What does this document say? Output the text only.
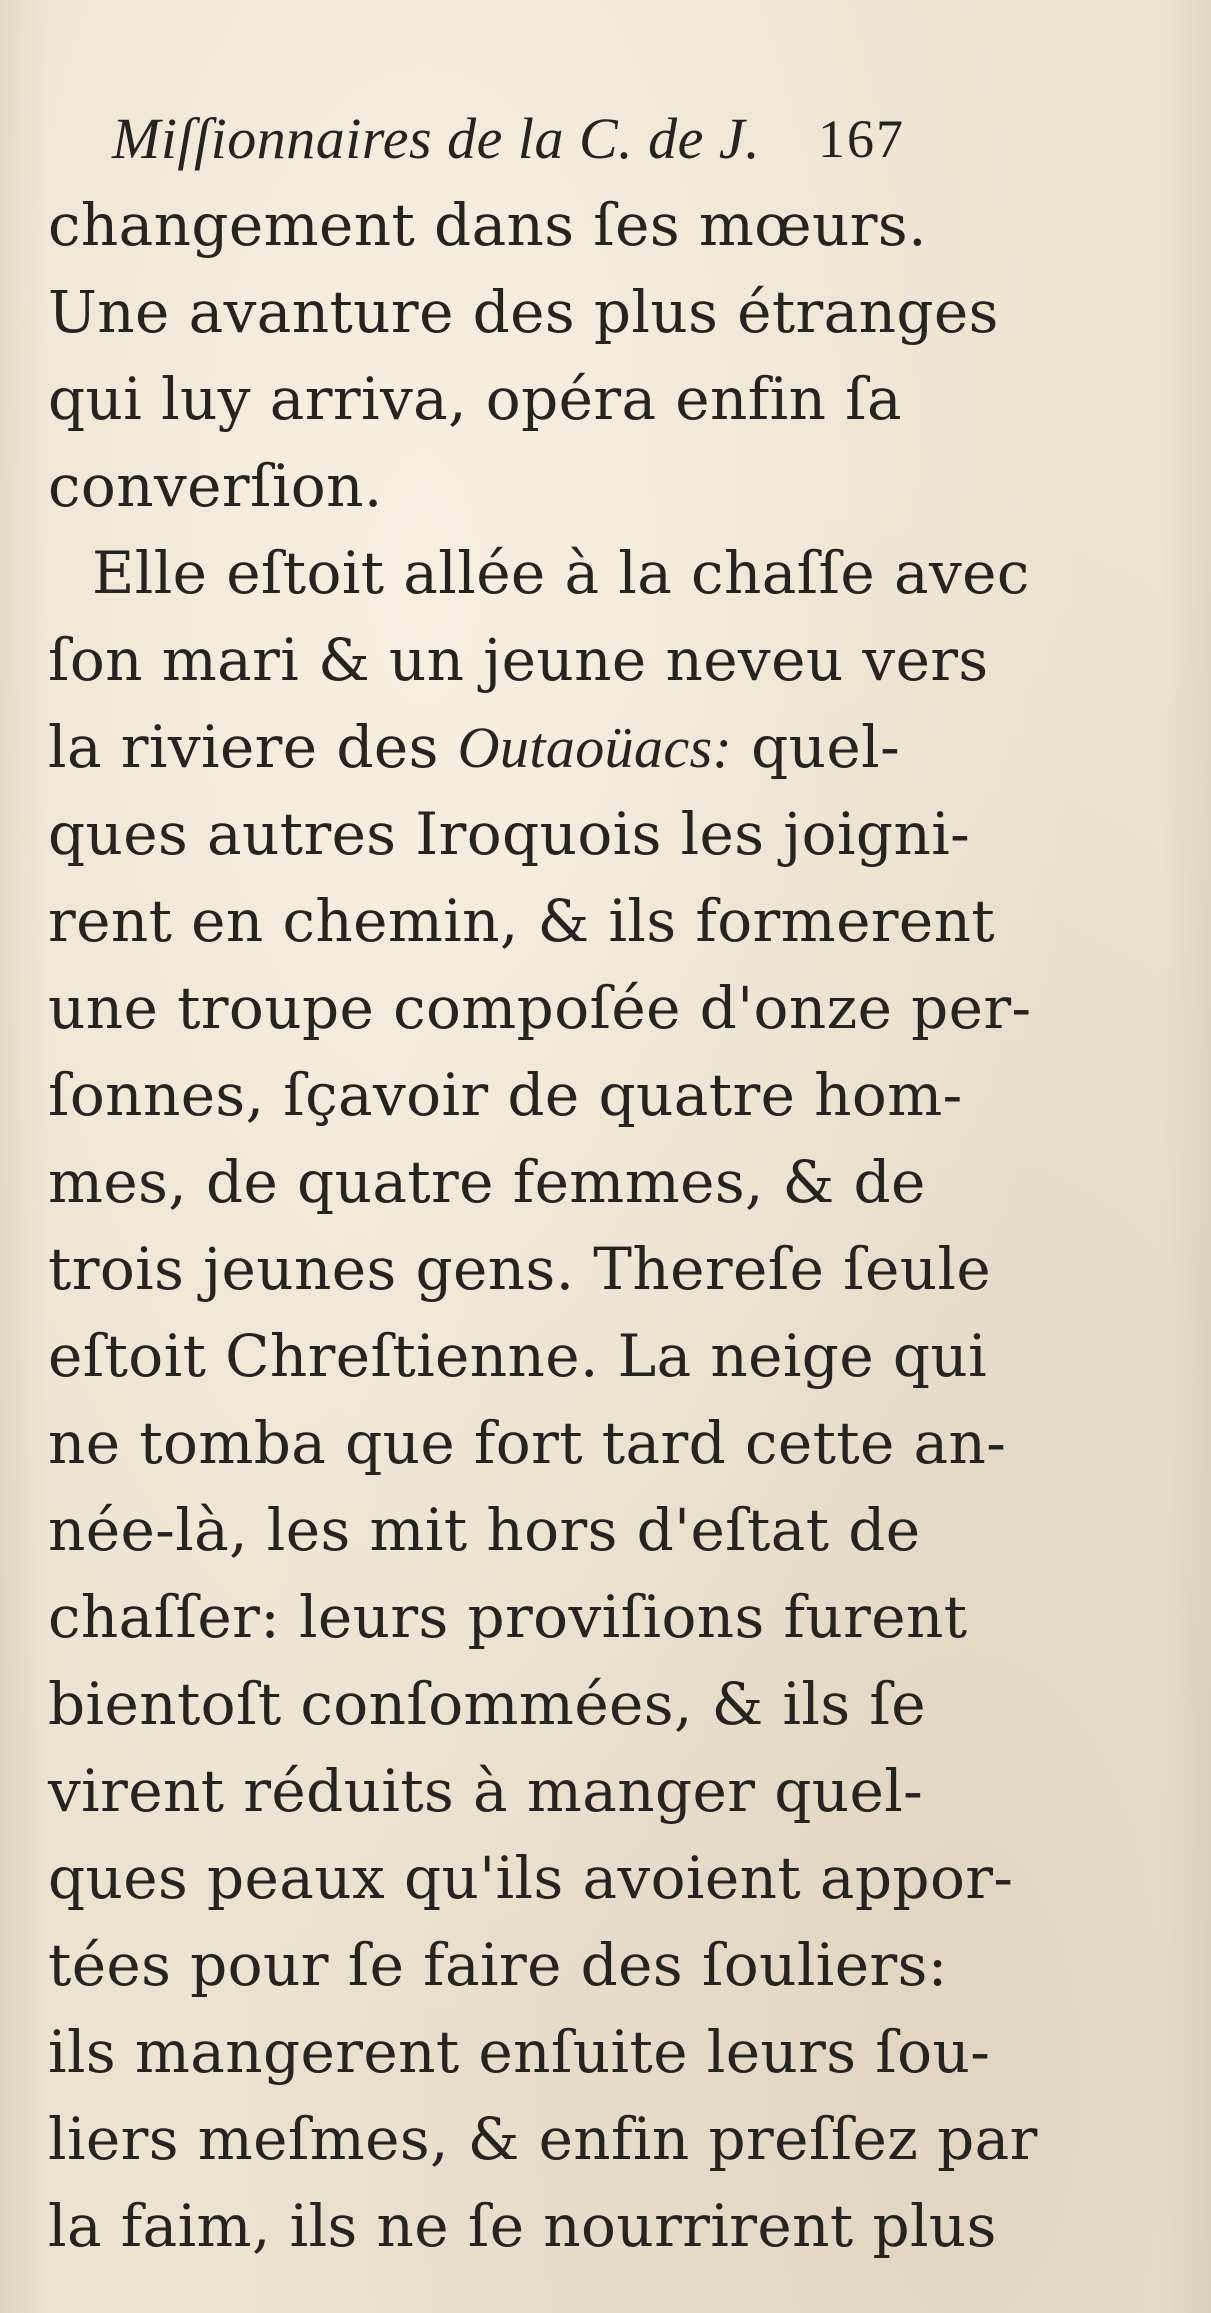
Miſſionnaires de la C. de J. 167
changement dans ſes mœurs.
Une avanture des plus étranges
qui luy arriva, opéra enfin ſa
converſion.
Elle eſtoit allée à la chaſſe avec
ſon mari & un jeune neveu vers
la riviere des Outaoüacs: quel-
ques autres Iroquois les joigni-
rent en chemin, & ils formerent
une troupe compoſée d'onze per-
ſonnes, ſçavoir de quatre hom-
mes, de quatre femmes, & de
trois jeunes gens. Thereſe ſeule
eſtoit Chreſtienne. La neige qui
ne tomba que fort tard cette an-
née-là, les mit hors d'eſtat de
chaſſer: leurs proviſions furent
bientoſt conſommées, & ils ſe
virent réduits à manger quel-
ques peaux qu'ils avoient appor-
tées pour ſe faire des ſouliers:
ils mangerent enſuite leurs ſou-
liers meſmes, & enfin preſſez par
la faim, ils ne ſe nourrirent plus
